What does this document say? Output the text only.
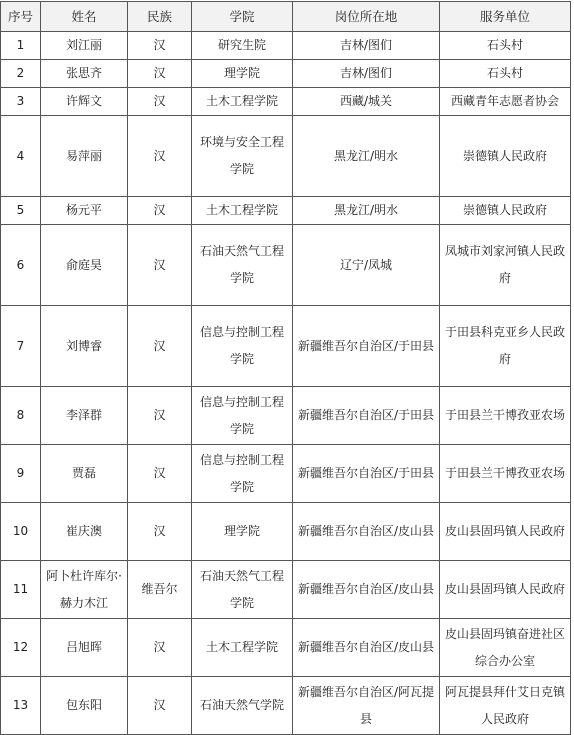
序号	姓名	民族	学院	岗位所在地	服务单位
1	刘江丽	汉	研究生院	吉林/图们	石头村
2	张思齐	汉	理学院	吉林/图们	石头村
3	许辉文	汉	土木工程学院	西藏/城关	西藏青年志愿者协会
4	易萍丽	汉	环境与安全工程学院	黑龙江/明水	崇德镇人民政府
5	杨元平	汉	土木工程学院	黑龙江/明水	崇德镇人民政府
6	俞庭昊	汉	石油天然气工程学院	辽宁/凤城	凤城市刘家河镇人民政府
7	刘博睿	汉	信息与控制工程学院	新疆维吾尔自治区/于田县	于田县科克亚乡人民政府
8	李泽群	汉	信息与控制工程学院	新疆维吾尔自治区/于田县	于田县兰干博孜亚农场
9	贾磊	汉	信息与控制工程学院	新疆维吾尔自治区/于田县	于田县兰干博孜亚农场
10	崔庆澳	汉	理学院	新疆维吾尔自治区/皮山县	皮山县固玛镇人民政府
11	阿卜杜许库尔·赫力木江	维吾尔	石油天然气工程学院	新疆维吾尔自治区/皮山县	皮山县固玛镇人民政府
12	吕旭晖	汉	土木工程学院	新疆维吾尔自治区/皮山县	皮山县固玛镇奋进社区综合办公室
13	包东阳	汉	石油天然气学院	新疆维吾尔自治区/阿瓦提县	阿瓦提县拜什艾日克镇人民政府
